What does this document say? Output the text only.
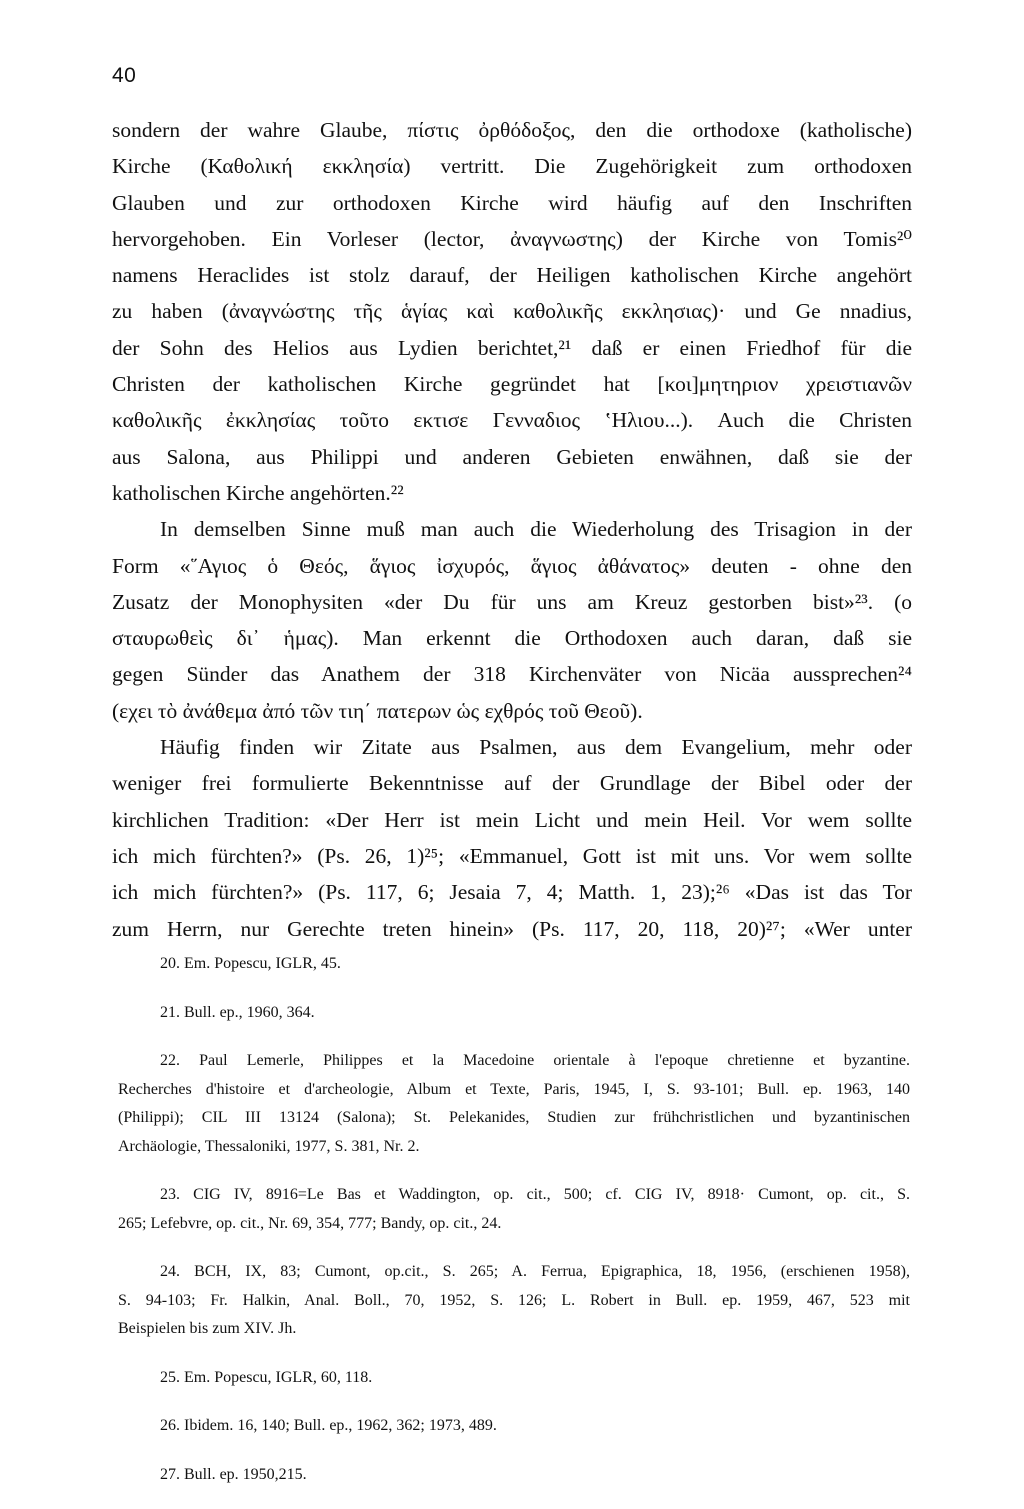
40
sondern der wahre Glaube, πίστις ὀρθόδοξος, den die orthodoxe (katholische)
Kirche (Καθολική εκκλησία) vertritt. Die Zugehörigkeit zum orthodoxen
Glauben und zur orthodoxen Kirche wird häufig auf den Inschriften
hervorgehoben. Ein Vorleser (lector, ἀναγνωστης) der Kirche von Tomis²⁰
namens Heraclides ist stolz darauf, der Heiligen katholischen Kirche angehört
zu haben (ἀναγνώστης τῆς ἁγίας καὶ καθολικῆς εκκλησιας)· und Ge nnadius,
der Sohn des Helios aus Lydien berichtet,²¹ daß er einen Friedhof für die
Christen der katholischen Kirche gegründet hat [κοι]μητηριον χρειστιανῶν
καθολικῆς ἐκκλησίας τοῦτο εκτισε Γενναδιος ʽΗλιου...). Auch die Christen
aus Salona, aus Philippi und anderen Gebieten enwähnen, daß sie der
katholischen Kirche angehörten.²²
In demselben Sinne muß man auch die Wiederholung des Trisagion in der
Form «῞Αγιος ὁ Θεός, ἅγιος ἰσχυρός, ἅγιος ἀθάνατος» deuten - ohne den
Zusatz der Monophysiten «der Du für uns am Kreuz gestorben bist»²³. (ο
σταυρωθεὶς δι᾽ ἡμας). Man erkennt die Orthodoxen auch daran, daß sie
gegen Sünder das Anathem der 318 Kirchenväter von Nicäa aussprechen²⁴
(εχει τὸ ἀνάθεμα ἀπό τῶν τιη΄ πατερων ὡς εχθρός τοῦ Θεοῦ).
Häufig finden wir Zitate aus Psalmen, aus dem Evangelium, mehr oder
weniger frei formulierte Bekenntnisse auf der Grundlage der Bibel oder der
kirchlichen Tradition: «Der Herr ist mein Licht und mein Heil. Vor wem sollte
ich mich fürchten?» (Ps. 26, 1)²⁵; «Emmanuel, Gott ist mit uns. Vor wem sollte
ich mich fürchten?» (Ps. 117, 6; Jesaia 7, 4; Matth. 1, 23);²⁶ «Das ist das Tor
zum Herrn, nur Gerechte treten hinein» (Ps. 117, 20, 118, 20)²⁷; «Wer unter
20. Em. Popescu, IGLR, 45.
21. Bull. ep., 1960, 364.
22. Paul Lemerle, Philippes et la Macedoine orientale à l'epoque chretienne et byzantine.
Recherches d'histoire et d'archeologie, Album et Texte, Paris, 1945, I, S. 93-101; Bull. ep. 1963, 140
(Philippi); CIL III 13124 (Salona); St. Pelekanides, Studien zur frühchristlichen und byzantinischen
Archäologie, Thessaloniki, 1977, S. 381, Nr. 2.
23. CIG IV, 8916=Le Bas et Waddington, op. cit., 500; cf. CIG IV, 8918· Cumont, op. cit., S.
265; Lefebvre, op. cit., Nr. 69, 354, 777; Bandy, op. cit., 24.
24. BCH, IX, 83; Cumont, op.cit., S. 265; A. Ferrua, Epigraphica, 18, 1956, (erschienen 1958),
S. 94-103; Fr. Halkin, Anal. Boll., 70, 1952, S. 126; L. Robert in Bull. ep. 1959, 467, 523 mit
Beispielen bis zum XIV. Jh.
25. Em. Popescu, IGLR, 60, 118.
26. Ibidem. 16, 140; Bull. ep., 1962, 362; 1973, 489.
27. Bull. ep. 1950,215.
